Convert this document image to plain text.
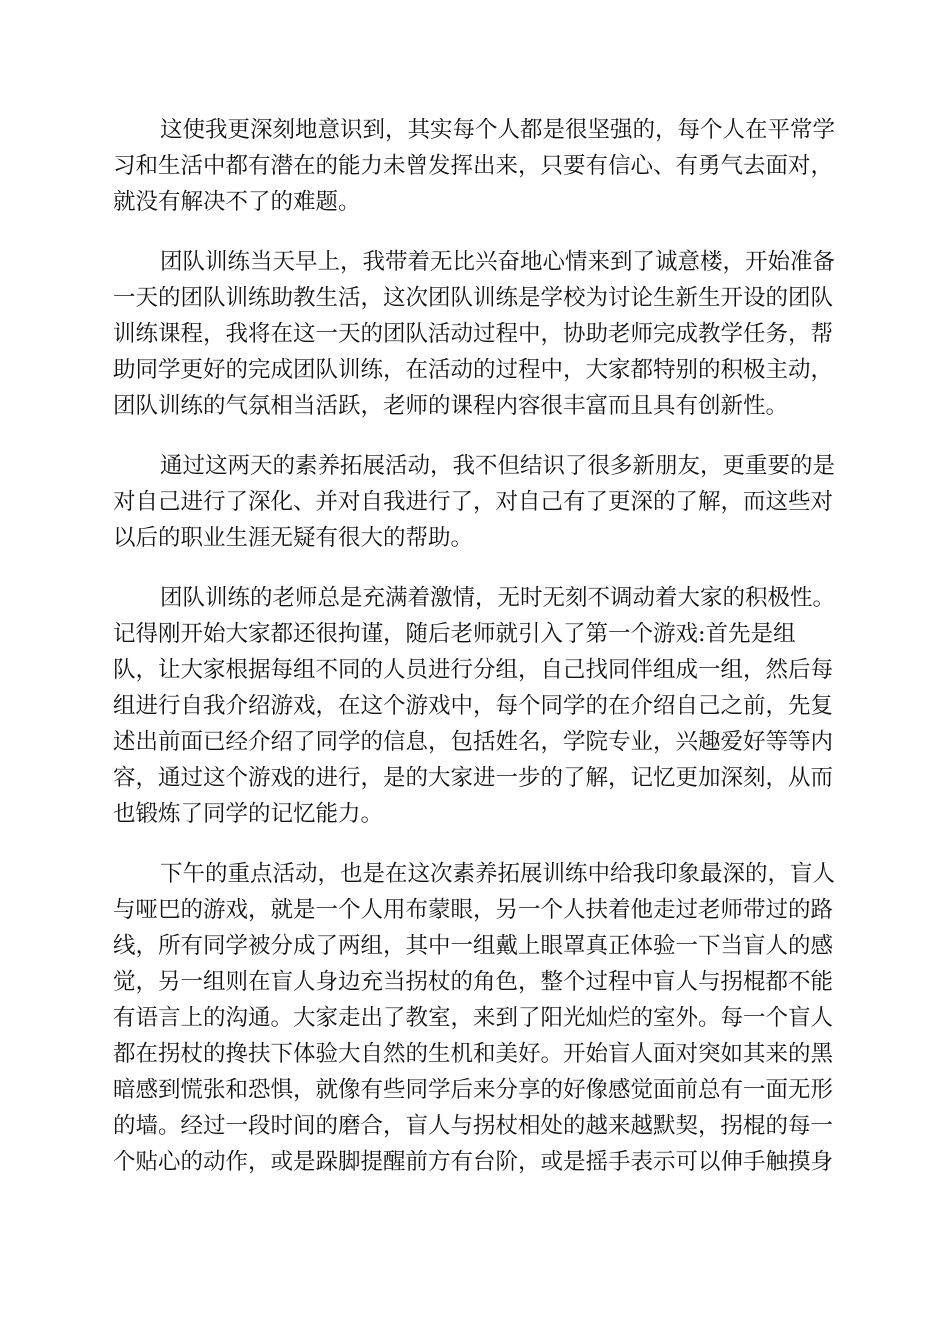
这使我更深刻地意识到，其实每个人都是很坚强的，每个人在平常学
习和生活中都有潜在的能力未曾发挥出来，只要有信心、有勇气去面对，
就没有解决不了的难题。

团队训练当天早上，我带着无比兴奋地心情来到了诚意楼，开始准备
一天的团队训练助教生活，这次团队训练是学校为讨论生新生开设的团队
训练课程，我将在这一天的团队活动过程中，协助老师完成教学任务，帮
助同学更好的完成团队训练，在活动的过程中，大家都特别的积极主动，
团队训练的气氛相当活跃，老师的课程内容很丰富而且具有创新性。

通过这两天的素养拓展活动，我不但结识了很多新朋友，更重要的是
对自己进行了深化、并对自我进行了，对自己有了更深的了解，而这些对
以后的职业生涯无疑有很大的帮助。

团队训练的老师总是充满着激情，无时无刻不调动着大家的积极性。
记得刚开始大家都还很拘谨，随后老师就引入了第一个游戏:首先是组
队，让大家根据每组不同的人员进行分组，自己找同伴组成一组，然后每
组进行自我介绍游戏，在这个游戏中，每个同学的在介绍自己之前，先复
述出前面已经介绍了同学的信息，包括姓名，学院专业，兴趣爱好等等内
容，通过这个游戏的进行，是的大家进一步的了解，记忆更加深刻，从而
也锻炼了同学的记忆能力。

下午的重点活动，也是在这次素养拓展训练中给我印象最深的，盲人
与哑巴的游戏，就是一个人用布蒙眼，另一个人扶着他走过老师带过的路
线，所有同学被分成了两组，其中一组戴上眼罩真正体验一下当盲人的感
觉，另一组则在盲人身边充当拐杖的角色，整个过程中盲人与拐棍都不能
有语言上的沟通。大家走出了教室，来到了阳光灿烂的室外。每一个盲人
都在拐杖的搀扶下体验大自然的生机和美好。开始盲人面对突如其来的黑
暗感到慌张和恐惧，就像有些同学后来分享的好像感觉面前总有一面无形
的墙。经过一段时间的磨合，盲人与拐杖相处的越来越默契，拐棍的每一
个贴心的动作，或是跺脚提醒前方有台阶，或是摇手表示可以伸手触摸身
